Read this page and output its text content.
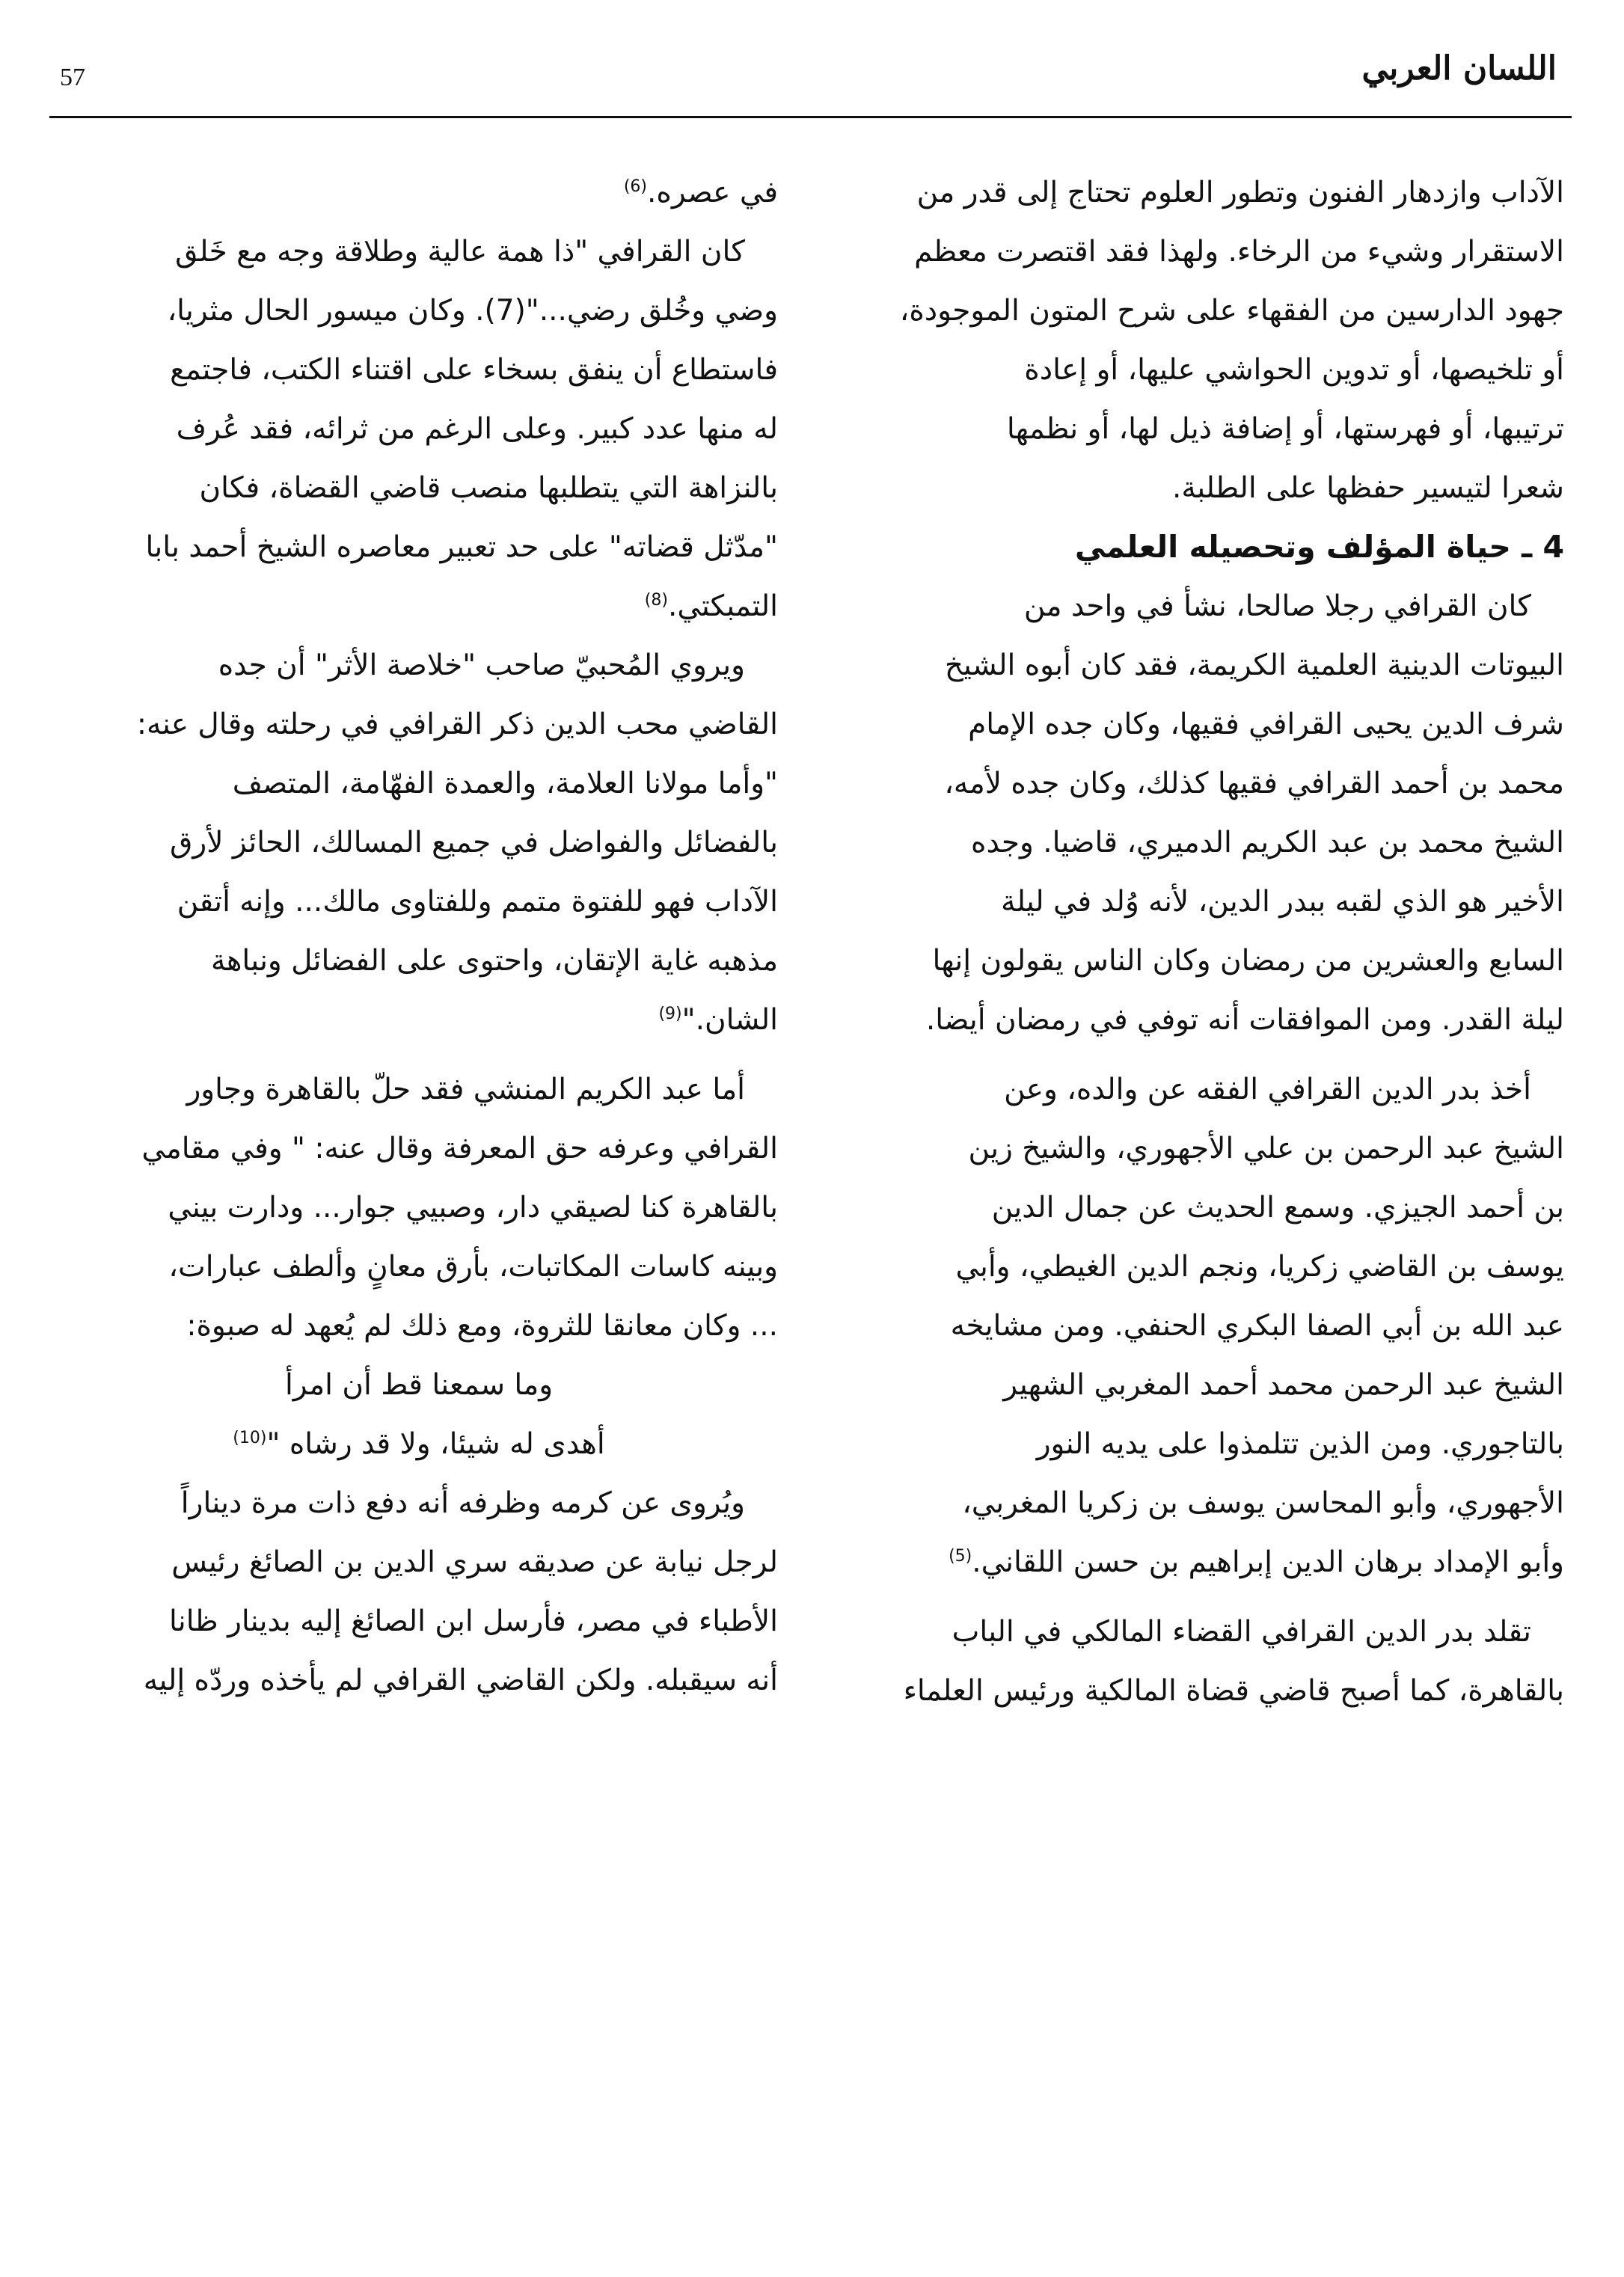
اللسان العربي
57

الآداب وازدهار الفنون وتطور العلوم تحتاج إلى قدر من

الاستقرار وشيء من الرخاء. ولهذا فقد اقتصرت معظم

جهود الدارسين من الفقهاء على شرح المتون الموجودة،

أو تلخيصها، أو تدوين الحواشي عليها، أو إعادة

ترتيبها، أو فهرستها، أو إضافة ذيل لها، أو نظمها

شعرا لتيسير حفظها على الطلبة.

4 ـ حياة المؤلف وتحصيله العلمي

كان القرافي رجلا صالحا، نشأ في واحد من

البيوتات الدينية العلمية الكريمة، فقد كان أبوه الشيخ

شرف الدين يحيى القرافي فقيها، وكان جده الإمام

محمد بن أحمد القرافي فقيها كذلك، وكان جده لأمه،

الشيخ محمد بن عبد الكريم الدميري، قاضيا. وجده

الأخير هو الذي لقبه ببدر الدين، لأنه وُلد في ليلة

السابع والعشرين من رمضان وكان الناس يقولون إنها

ليلة القدر. ومن الموافقات أنه توفي في رمضان أيضا.

أخذ بدر الدين القرافي الفقه عن والده، وعن

الشيخ عبد الرحمن بن علي الأجهوري، والشيخ زين

بن أحمد الجيزي. وسمع الحديث عن جمال الدين

يوسف بن القاضي زكريا، ونجم الدين الغيطي، وأبي

عبد الله بن أبي الصفا البكري الحنفي. ومن مشايخه

الشيخ عبد الرحمن محمد أحمد المغربي الشهير

بالتاجوري. ومن الذين تتلمذوا على يديه النور

الأجهوري، وأبو المحاسن يوسف بن زكريا المغربي،

وأبو الإمداد برهان الدين إبراهيم بن حسن اللقاني.$^{(5)}$

تقلد بدر الدين القرافي القضاء المالكي في الباب

بالقاهرة، كما أصبح قاضي قضاة المالكية ورئيس العلماء

في عصره.$^{(6)}$

كان القرافي "ذا همة عالية وطلاقة وجه مع خَلق

وضي وخُلق رضي..."(7). وكان ميسور الحال مثريا،

فاستطاع أن ينفق بسخاء على اقتناء الكتب، فاجتمع

له منها عدد كبير. وعلى الرغم من ثرائه، فقد عُرف

بالنزاهة التي يتطلبها منصب قاضي القضاة، فكان

"مدّثل قضاته" على حد تعبير معاصره الشيخ أحمد بابا

التمبكتي.$^{(8)}$

ويروي المُحبيّ صاحب "خلاصة الأثر" أن جده

القاضي محب الدين ذكر القرافي في رحلته وقال عنه:

"وأما مولانا العلامة، والعمدة الفهّامة، المتصف

بالفضائل والفواضل في جميع المسالك، الحائز لأرق

الآداب فهو للفتوة متمم وللفتاوى مالك... وإنه أتقن

مذهبه غاية الإتقان، واحتوى على الفضائل ونباهة

الشان."$^{(9)}$

أما عبد الكريم المنشي فقد حلّ بالقاهرة وجاور

القرافي وعرفه حق المعرفة وقال عنه: " وفي مقامي

بالقاهرة كنا لصيقي دار، وصبيي جوار... ودارت بيني

وبينه كاسات المكاتبات، بأرق معانٍ وألطف عبارات،

... وكان معانقا للثروة، ومع ذلك لم يُعهد له صبوة:

وما سمعنا قط أن امرأ

أهدى له شيئا، ولا قد رشاه "$^{(10)}$

ويُروى عن كرمه وظرفه أنه دفع ذات مرة ديناراً

لرجل نيابة عن صديقه سري الدين بن الصائغ رئيس

الأطباء في مصر، فأرسل ابن الصائغ إليه بدينار ظانا

أنه سيقبله. ولكن القاضي القرافي لم يأخذه وردّه إليه
